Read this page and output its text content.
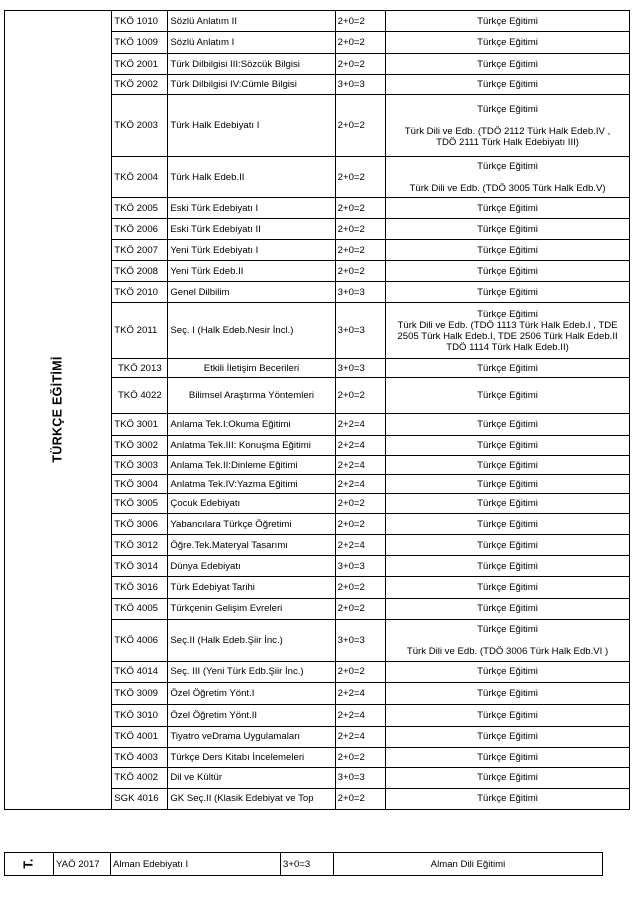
TÜRKÇE EĞİTİMİ	TKÖ 1010	Sözlü Anlatım II	2+0=2	Türkçe Eğitimi
	TKÖ 1009	Sözlü Anlatım I	2+0=2	Türkçe Eğitimi
	TKÖ 2001	Türk Dilbilgisi III:Sözcük Bilgisi	2+0=2	Türkçe Eğitimi
	TKÖ 2002	Türk Dilbilgisi IV:Cümle Bilgisi	3+0=3	Türkçe Eğitimi
	TKÖ 2003	Türk Halk Edebiyatı I	2+0=2	Türkçe Eğitimi

Türk Dili ve Edb. (TDÖ 2112 Türk Halk Edeb.IV ,
TDÖ 2111 Türk Halk Edebiyatı III)
	TKÖ 2004	Türk Halk Edeb.II	2+0=2	Türkçe Eğitimi

Türk Dili ve Edb. (TDÖ 3005 Türk Halk Edb.V)
	TKÖ 2005	Eski Türk Edebiyatı I	2+0=2	Türkçe Eğitimi
	TKÖ 2006	Eski Türk Edebiyatı II	2+0=2	Türkçe Eğitimi
	TKÖ 2007	Yeni Türk Edebiyatı I	2+0=2	Türkçe Eğitimi
	TKÖ 2008	Yeni Türk Edeb.II	2+0=2	Türkçe Eğitimi
	TKÖ 2010	Genel Dilbilim	3+0=3	Türkçe Eğitimi
	TKÖ 2011	Seç. I (Halk Edeb.Nesir İncl.)	3+0=3	Türkçe Eğitimi
Türk Dili ve Edb. (TDÖ 1113 Türk Halk Edeb.I , TDE
2505 Türk Halk Edeb.I, TDE 2506 Türk Halk Edeb.II
TDÖ 1114 Türk Halk Edeb.II)
	TKÖ 2013	Etkili İletişim Becerileri	3+0=3	Türkçe Eğitimi
	TKÖ 4022	Bilimsel Araştırma Yöntemleri	2+0=2	Türkçe Eğitimi
	TKÖ 3001	Anlama Tek.I:Okuma Eğitimi	2+2=4	Türkçe Eğitimi
	TKÖ 3002	Anlatma Tek.III: Konuşma Eğitimi	2+2=4	Türkçe Eğitimi
	TKÖ 3003	Anlama Tek.II:Dinleme Eğitimi	2+2=4	Türkçe Eğitimi
	TKÖ 3004	Anlatma Tek.IV:Yazma Eğitimi	2+2=4	Türkçe Eğitimi
	TKÖ 3005	Çocuk Edebiyatı	2+0=2	Türkçe Eğitimi
	TKÖ 3006	Yabancılara Türkçe Öğretimi	2+0=2	Türkçe Eğitimi
	TKÖ 3012	Öğre.Tek.Materyal Tasarımı	2+2=4	Türkçe Eğitimi
	TKÖ 3014	Dünya Edebiyatı	3+0=3	Türkçe Eğitimi
	TKÖ 3016	Türk Edebiyat Tarihi	2+0=2	Türkçe Eğitimi
	TKÖ 4005	Türkçenin Gelişim Evreleri	2+0=2	Türkçe Eğitimi
	TKÖ 4006	Seç.II (Halk Edeb.Şiir İnc.)	3+0=3	Türkçe Eğitimi

Türk Dili ve Edb. (TDÖ 3006 Türk Halk Edb.VI )
	TKÖ 4014	Seç. III (Yeni Türk Edb.Şiir İnc.)	2+0=2	Türkçe Eğitimi
	TKÖ 3009	Özel Öğretim Yönt.I	2+2=4	Türkçe Eğitimi
	TKÖ 3010	Özel Öğretim Yönt.II	2+2=4	Türkçe Eğitimi
	TKÖ 4001	Tiyatro veDrama Uygulamaları	2+2=4	Türkçe Eğitimi
	TKÖ 4003	Türkçe Ders Kitabı İncelemeleri	2+0=2	Türkçe Eğitimi
	TKÖ 4002	Dil ve Kültür	3+0=3	Türkçe Eğitimi
	SGK 4016	GK Seç.II (Klasik Edebiyat ve Top	2+0=2	Türkçe Eğitimi
T.	YAÖ 2017	Alman Edebiyatı I	3+0=3	Alman Dili Eğitimi
